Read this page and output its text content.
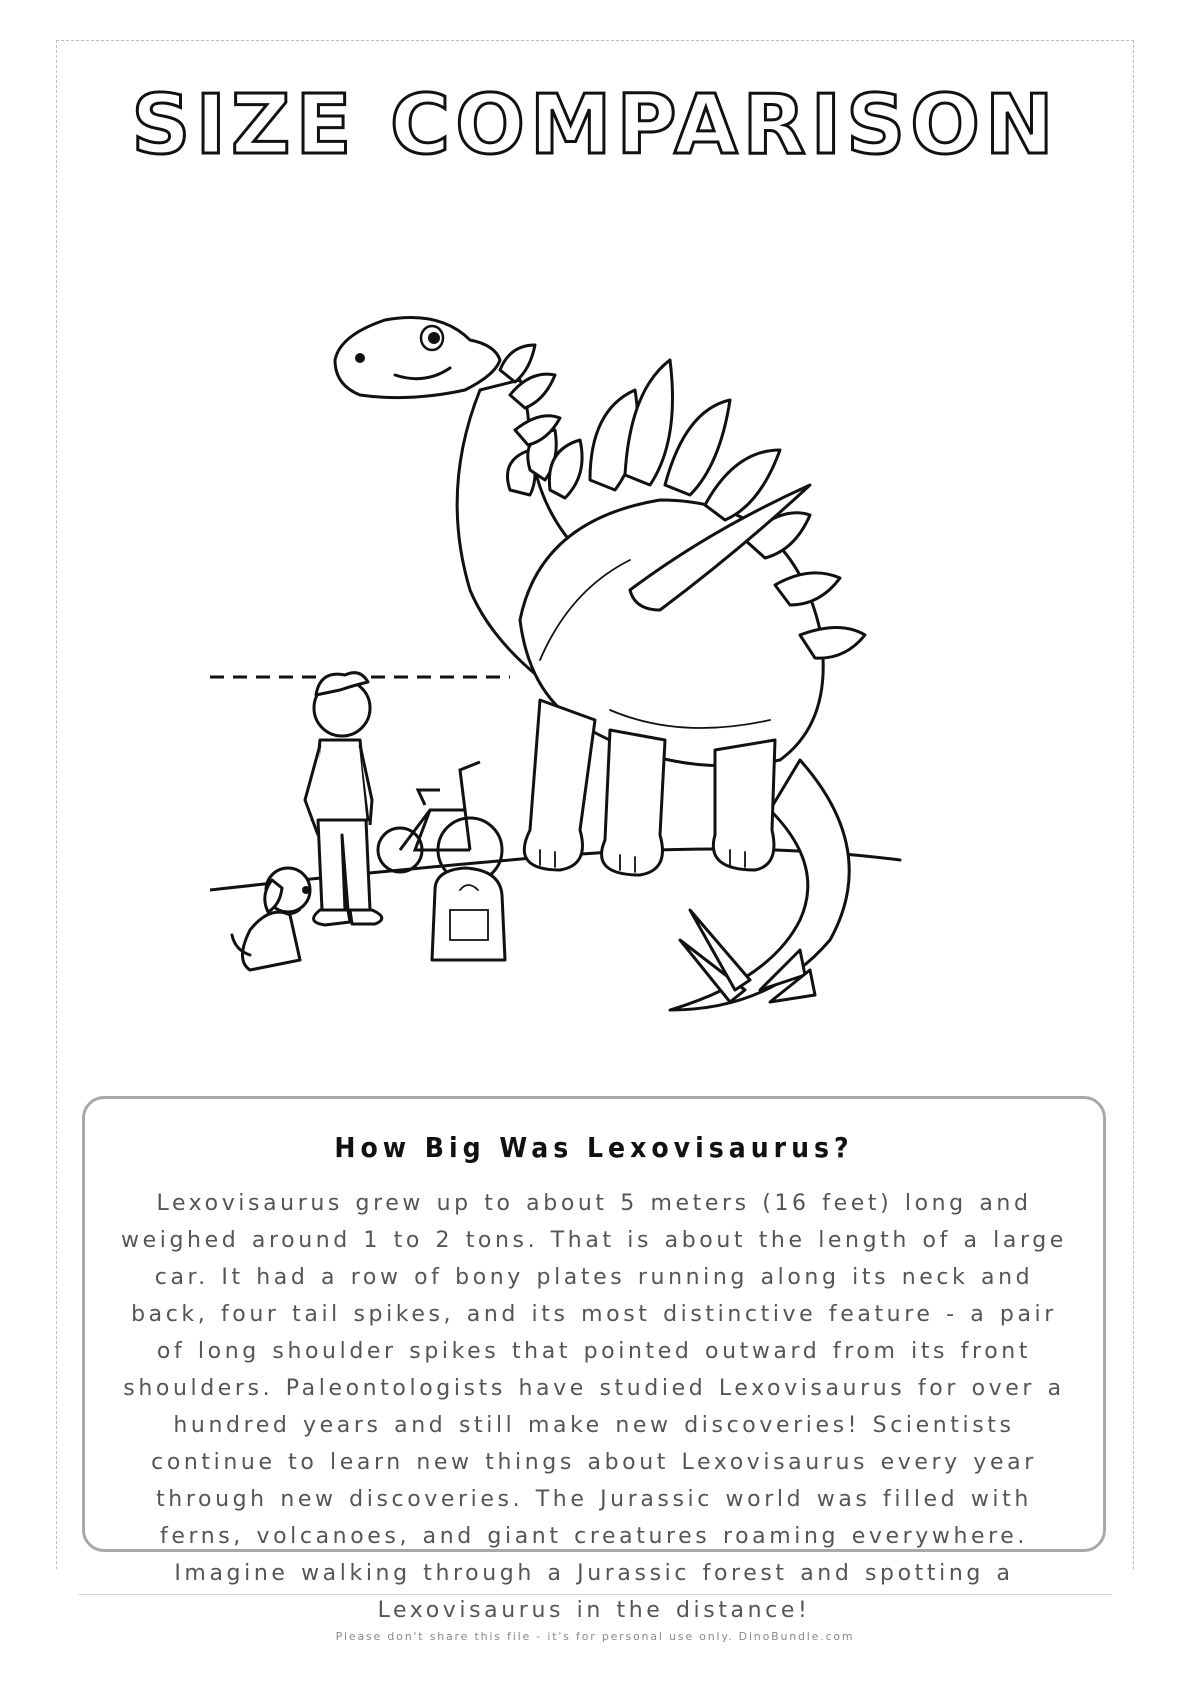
SIZE COMPARISON
How Big Was Lexovisaurus?

Lexovisaurus grew up to about 5 meters (16 feet) long and weighed around 1 to 2 tons. That is about the length of a large car. It had a row of bony plates running along its neck and back, four tail spikes, and its most distinctive feature - a pair of long shoulder spikes that pointed outward from its front shoulders. Paleontologists have studied Lexovisaurus for over a hundred years and still make new discoveries! Scientists continue to learn new things about Lexovisaurus every year through new discoveries. The Jurassic world was filled with ferns, volcanoes, and giant creatures roaming everywhere. Imagine walking through a Jurassic forest and spotting a Lexovisaurus in the distance!

Please don't share this file - it's for personal use only. DinoBundle.com
